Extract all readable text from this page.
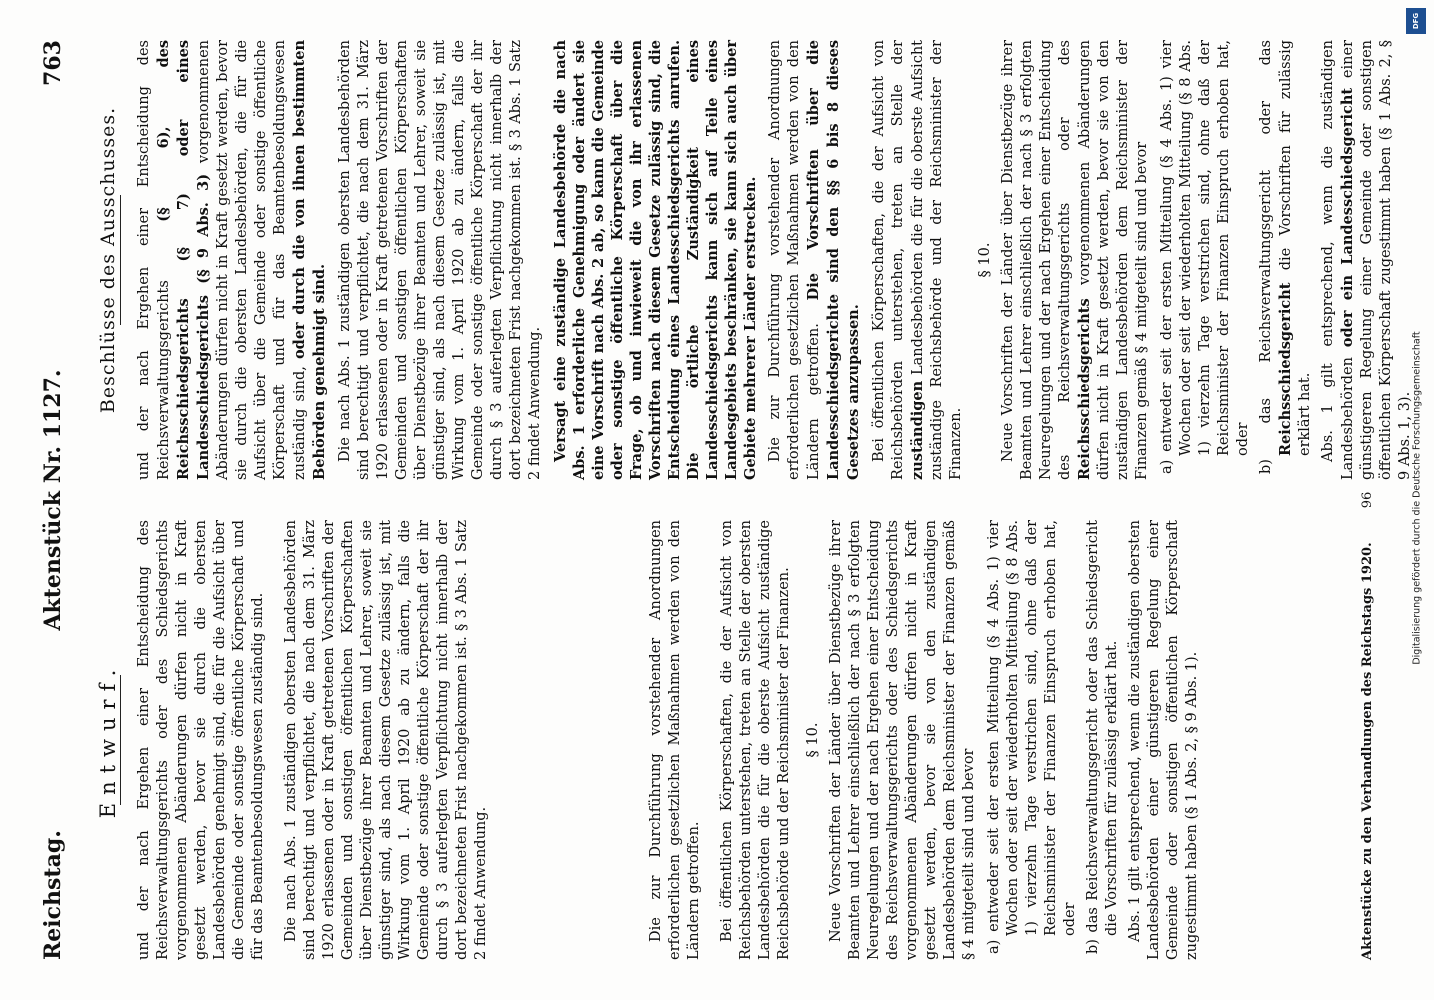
Reichstag.
Aktenstück Nr. 1127.
763
Entwurf. und der nach Ergehen einer Entscheidung des Reichsverwaltungsgerichts oder des Schiedsgerichts vorgenommenen Abänderungen dürfen nicht in Kraft gesetzt werden, bevor sie durch die obersten Landesbehörden genehmigt sind, die für die Aufsicht über die Gemeinde oder sonstige öffentliche Körperschaft und für das Beamtenbesoldungswesen zuständig sind. Die nach Abs. 1 zuständigen obersten Landesbehörden sind berechtigt und verpflichtet, die nach dem 31. März 1920 erlassenen oder in Kraft getretenen Vorschriften der Gemeinden und sonstigen öffentlichen Körperschaften über Dienstbezüge ihrer Beamten und Lehrer, soweit sie günstiger sind, als nach diesem Gesetze zulässig ist, mit Wirkung vom 1. April 1920 ab zu ändern, falls die Gemeinde oder sonstige öffentliche Körperschaft der ihr durch § 3 auferlegten Verpflichtung nicht innerhalb der dort bezeichneten Frist nachgekommen ist. § 3 Abs. 1 Satz 2 findet Anwendung.	Die zur Durchführung vorstehender Anordnungen erforderlichen gesetzlichen Maßnahmen werden von den Ländern getroffen. Bei öffentlichen Körperschaften, die der Aufsicht von Reichsbehörden unterstehen, treten an Stelle der obersten Landesbehörden die für die oberste Aufsicht zuständige Reichsbehörde und der Reichsminister der Finanzen. § 10. Neue Vorschriften der Länder über Dienstbezüge ihrer Beamten und Lehrer einschließlich der nach § 3 erfolgten Neuregelungen und der nach Ergehen einer Entscheidung des Reichsverwaltungsgerichts oder des Schiedsgerichts vorgenommenen Abänderungen dürfen nicht in Kraft gesetzt werden, bevor sie von den zuständigen Landesbehörden dem Reichsminister der Finanzen gemäß § 4 mitgeteilt sind und bevor a) entweder seit der ersten Mitteilung (§ 4 Abs. 1) vier Wochen oder seit der wiederholten Mitteilung (§ 8 Abs. 1) vierzehn Tage verstrichen sind, ohne daß der Reichsminister der Finanzen Einspruch erhoben hat, oder b) das Reichsverwaltungsgericht oder das Schiedsgericht die Vorschriften für zulässig erklärt hat. Abs. 1 gilt entsprechend, wenn die zuständigen obersten Landesbehörden einer günstigeren Regelung einer Gemeinde oder sonstigen öffentlichen Körperschaft zugestimmt haben (§ 1 Abs. 2, § 9 Abs. 1).

Beschlüsse des Ausschusses. und der nach Ergehen einer Entscheidung des Reichsverwaltungsgerichts (§ 6), des Reichsschiedsgerichts (§ 7) oder eines Landesschiedsgerichts (§ 9 Abs. 3) vorgenommenen Abänderungen dürfen nicht in Kraft gesetzt werden, bevor sie durch die obersten Landesbehörden, die für die Aufsicht über die Gemeinde oder sonstige öffentliche Körperschaft und für das Beamtenbesoldungswesen zuständig sind, oder durch die von ihnen bestimmten Behörden genehmigt sind. Die nach Abs. 1 zuständigen obersten Landesbehörden sind berechtigt und verpflichtet, die nach dem 31. März 1920 erlassenen oder in Kraft getretenen Vorschriften der Gemeinden und sonstigen öffentlichen Körperschaften über Dienstbezüge ihrer Beamten und Lehrer, soweit sie günstiger sind, als nach diesem Gesetze zulässig ist, mit Wirkung vom 1. April 1920 ab zu ändern, falls die Gemeinde oder sonstige öffentliche Körperschaft der ihr durch § 3 auferlegten Verpflichtung nicht innerhalb der dort bezeichneten Frist nachgekommen ist. § 3 Abs. 1 Satz 2 findet Anwendung. Versagt eine zuständige Landesbehörde die nach Abs. 1 erforderliche Genehmigung oder ändert sie eine Vorschrift nach Abs. 2 ab, so kann die Gemeinde oder sonstige öffentliche Körperschaft über die Frage, ob und inwieweit die von ihr erlassenen Vorschriften nach diesem Gesetze zulässig sind, die Entscheidung eines Landesschiedsgerichts anrufen. Die örtliche Zuständigkeit eines Landesschiedsgerichts kann sich auf Teile eines Landesgebiets beschränken, sie kann sich auch über Gebiete mehrerer Länder erstrecken. Die zur Durchführung vorstehender Anordnungen erforderlichen gesetzlichen Maßnahmen werden von den Ländern getroffen. Die Vorschriften über die Landesschiedsgerichte sind den §§ 6 bis 8 dieses Gesetzes anzupassen. Bei öffentlichen Körperschaften, die der Aufsicht von Reichsbehörden unterstehen, treten an Stelle der zuständigen Landesbehörden die für die oberste Aufsicht zuständige Reichsbehörde und der Reichsminister der Finanzen.

§ 10. Neue Vorschriften der Länder über Dienstbezüge ihrer Beamten und Lehrer einschließlich der nach § 3 erfolgten Neuregelungen und der nach Ergehen einer Entscheidung des Reichsverwaltungsgerichts oder des Reichsschiedsgerichts vorgenommenen Abänderungen dürfen nicht in Kraft gesetzt werden, bevor sie von den zuständigen Landesbehörden dem Reichsminister der Finanzen gemäß § 4 mitgeteilt sind und bevor a) entweder seit der ersten Mitteilung (§ 4 Abs. 1) vier Wochen oder seit der wiederholten Mitteilung (§ 8 Abs. 1) vierzehn Tage verstrichen sind, ohne daß der Reichsminister der Finanzen Einspruch erhoben hat, oder b) das Reichsverwaltungsgericht oder das Reichsschiedsgericht die Vorschriften für zulässig erklärt hat. Abs. 1 gilt entsprechend, wenn die zuständigen Landesbehörden oder ein Landesschiedsgericht einer günstigeren Regelung einer Gemeinde oder sonstigen öffentlichen Körperschaft zugestimmt haben (§ 1 Abs. 2, § 9 Abs. 1, 3).

Aktenstücke zu den Verhandlungen des Reichstags 1920.
96	Digitalisierung gefördert durch die Deutsche Forschungsgemeinschaft
DFG
